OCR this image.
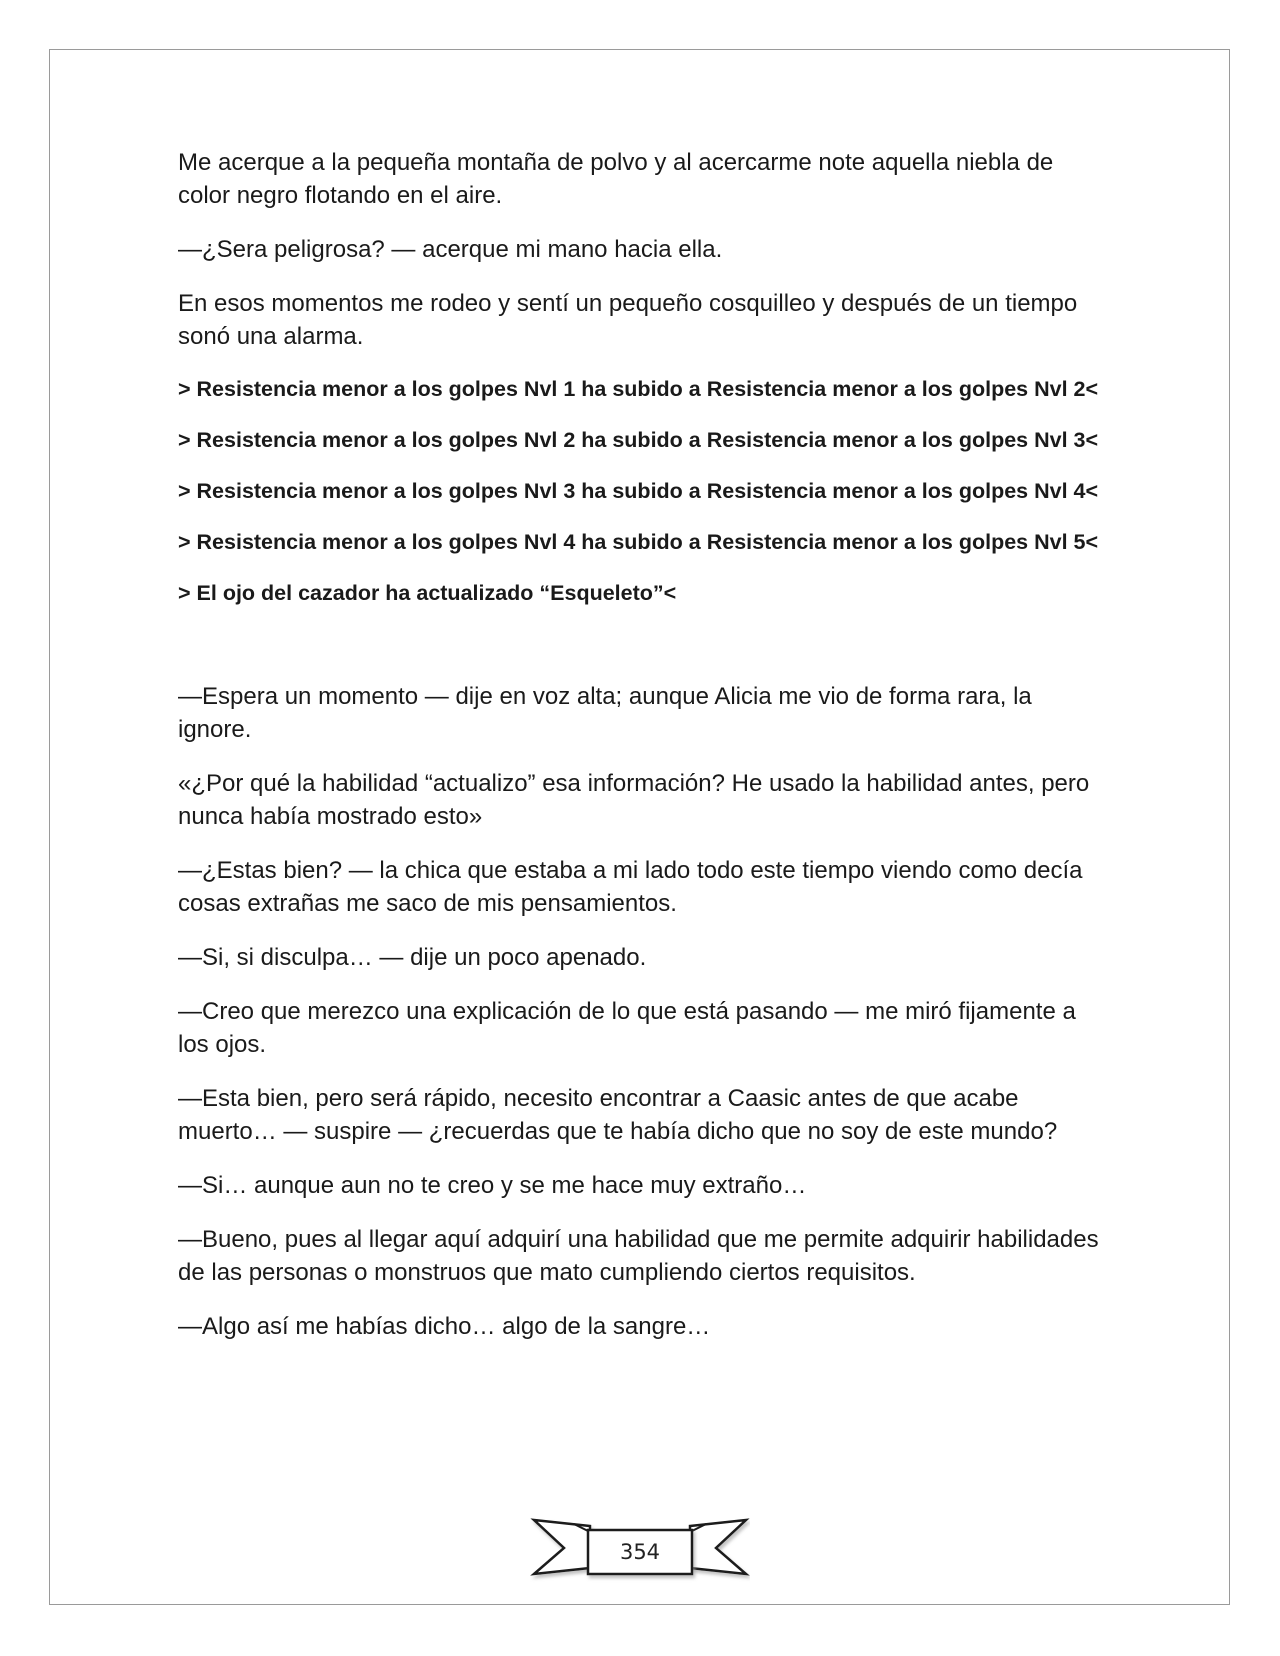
Me acerque a la pequeña montaña de polvo y al acercarme note aquella niebla de color negro flotando en el aire.

—¿Sera peligrosa? — acerque mi mano hacia ella.

En esos momentos me rodeo y sentí un pequeño cosquilleo y después de un tiempo sonó una alarma.

> Resistencia menor a los golpes Nvl 1 ha subido a Resistencia menor a los golpes Nvl 2<

> Resistencia menor a los golpes Nvl 2 ha subido a Resistencia menor a los golpes Nvl 3<

> Resistencia menor a los golpes Nvl 3 ha subido a Resistencia menor a los golpes Nvl 4<

> Resistencia menor a los golpes Nvl 4 ha subido a Resistencia menor a los golpes Nvl 5<

> El ojo del cazador ha actualizado “Esqueleto”<

—Espera un momento — dije en voz alta; aunque Alicia me vio de forma rara, la ignore.

«¿Por qué la habilidad “actualizo” esa información? He usado la habilidad antes, pero nunca había mostrado esto»

—¿Estas bien? — la chica que estaba a mi lado todo este tiempo viendo como decía cosas extrañas me saco de mis pensamientos.

—Si, si disculpa… — dije un poco apenado.

—Creo que merezco una explicación de lo que está pasando — me miró fijamente a los ojos.

—Esta bien, pero será rápido, necesito encontrar a Caasic antes de que acabe muerto… — suspire — ¿recuerdas que te había dicho que no soy de este mundo?

—Si… aunque aun no te creo y se me hace muy extraño…

—Bueno, pues al llegar aquí adquirí una habilidad que me permite adquirir habilidades de las personas o monstruos que mato cumpliendo ciertos requisitos.

—Algo así me habías dicho… algo de la sangre…

354
